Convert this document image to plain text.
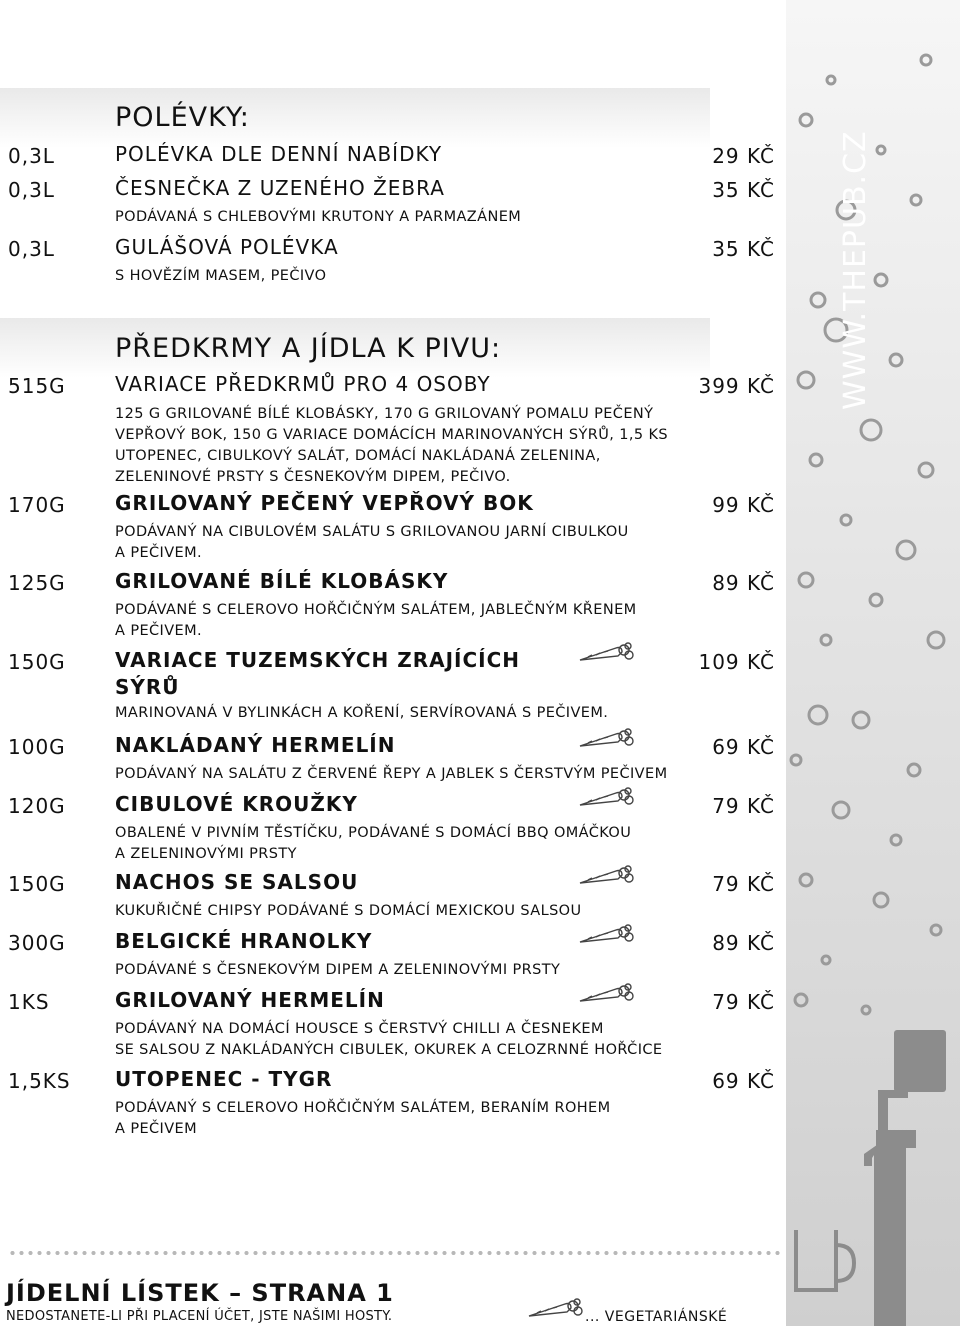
WWW.THEPUB.CZ
POLÉVKY:
0,3L	POLÉVKA DLE DENNÍ NABÍDKY	29 KČ
0,3L	ČESNEČKA Z UZENÉHO ŽEBRA	35 KČ
PODÁVANÁ S CHLEBOVÝMI KRUTONY A PARMAZÁNEM
0,3L	GULÁŠOVÁ POLÉVKA	35 KČ
S HOVĚZÍM MASEM, PEČIVO
PŘEDKRMY A JÍDLA K PIVU:
515G VARIACE PŘEDKRMŮ PRO 4 OSOBY	399 KČ
125 G GRILOVANÉ BÍLÉ KLOBÁSKY, 170 G GRILOVANÝ POMALU PEČENÝ
VEPŘOVÝ BOK, 150 G VARIACE DOMÁCÍCH MARINOVANÝCH SÝRŮ, 1,5 KS
UTOPENEC, CIBULKOVÝ SALÁT, DOMÁCÍ NAKLÁDANÁ ZELENINA,
ZELENINOVÉ PRSTY S ČESNEKOVÝM DIPEM, PEČIVO.
170G GRILOVANÝ PEČENÝ VEPŘOVÝ BOK	99 KČ
PODÁVANÝ NA CIBULOVÉM SALÁTU S GRILOVANOU JARNÍ CIBULKOU
A PEČIVEM.
125G GRILOVANÉ BÍLÉ KLOBÁSKY	89 KČ
PODÁVANÉ S CELEROVO HOŘČIČNÝM SALÁTEM, JABLEČNÝM KŘENEM
A PEČIVEM.
150G VARIACE TUZEMSKÝCH ZRAJÍCÍCH SÝRŮ
109 KČ
MARINOVANÁ V BYLINKÁCH A KOŘENÍ, SERVÍROVANÁ S PEČIVEM.
100G NAKLÁDANÝ HERMELÍN	69 KČ
PODÁVANÝ NA SALÁTU Z ČERVENÉ ŘEPY A JABLEK S ČERSTVÝM PEČIVEM
120G CIBULOVÉ KROUŽKY	79 KČ
OBALENÉ V PIVNÍM TĚSTÍČKU, PODÁVANÉ S DOMÁCÍ BBQ OMÁČKOU
A ZELENINOVÝMI PRSTY
150G NACHOS SE SALSOU	79 KČ
KUKUŘIČNÉ CHIPSY PODÁVANÉ S DOMÁCÍ MEXICKOU SALSOU
300G BELGICKÉ HRANOLKY	89 KČ
PODÁVANÉ S ČESNEKOVÝM DIPEM A ZELENINOVÝMI PRSTY
1KS	GRILOVANÝ HERMELÍN	79 KČ
PODÁVANÝ NA DOMÁCÍ HOUSCE S ČERSTVÝ CHILLI A ČESNEKEM
SE SALSOU Z NAKLÁDANÝCH CIBULEK, OKUREK A CELOZRNNÉ HOŘČICE
1,5KS UTOPENEC - TYGR	69 KČ
PODÁVANÝ S CELEROVO HOŘČIČNÝM SALÁTEM, BERANÍM ROHEM
A PEČIVEM
JÍDELNÍ LÍSTEK – STRANA 1
NEDOSTANETE-LI PŘI PLACENÍ ÚČET, JSTE NAŠIMI HOSTY.	... VEGETARIÁNSKÉ
